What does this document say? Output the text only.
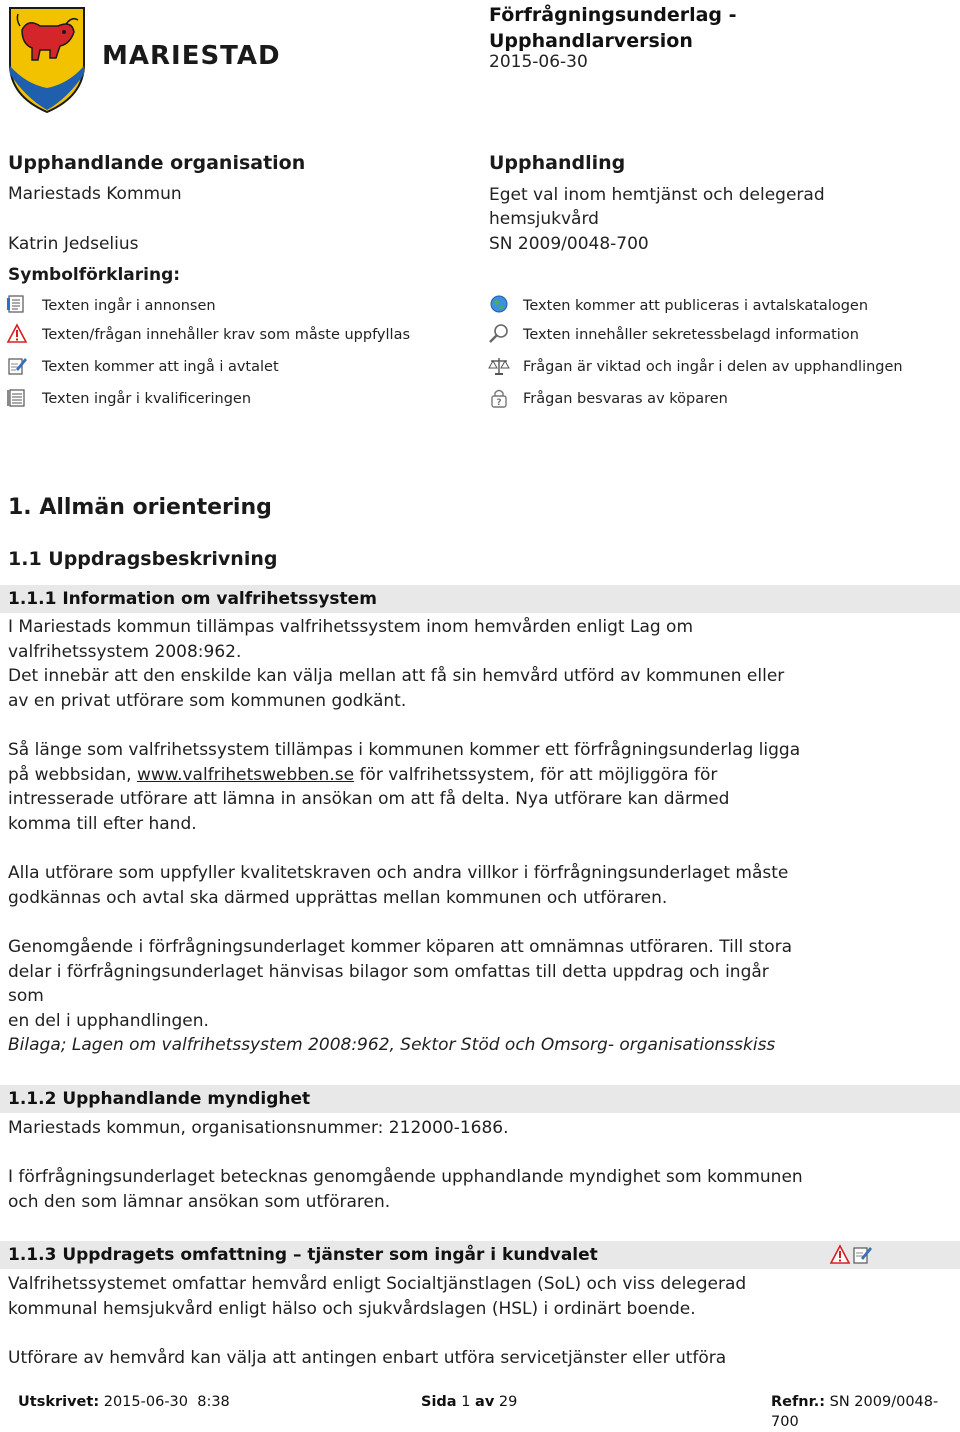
MARIESTAD
Förfrågningsunderlag -
Upphandlarversion
2015-06-30
Upphandlande organisation
Mariestads Kommun
Katrin Jedselius
Upphandling
Eget val inom hemtjänst och delegerad
hemsjukvård
SN 2009/0048-700
Symbolförklaring:
Texten ingår i annonsen	Texten kommer att publiceras i avtalskatalogen
Texten/frågan innehåller krav som måste uppfyllas	Texten innehåller sekretessbelagd information
Texten kommer att ingå i avtalet	Frågan är viktad och ingår i delen av upphandlingen
Texten ingår i kvalificeringen	? Frågan besvaras av köparen
1. Allmän orientering
1.1 Uppdragsbeskrivning
1.1.1 Information om valfrihetssystem
I Mariestads kommun tillämpas valfrihetssystem inom hemvården enligt Lag om
valfrihetssystem 2008:962.
Det innebär att den enskilde kan välja mellan att få sin hemvård utförd av kommunen eller
av en privat utförare som kommunen godkänt.
Så länge som valfrihetssystem tillämpas i kommunen kommer ett förfrågningsunderlag ligga
på webbsidan, www.valfrihetswebben.se för valfrihetssystem, för att möjliggöra för
intresserade utförare att lämna in ansökan om att få delta. Nya utförare kan därmed
komma till efter hand.
Alla utförare som uppfyller kvalitetskraven och andra villkor i förfrågningsunderlaget måste
godkännas och avtal ska därmed upprättas mellan kommunen och utföraren.
Genomgående i förfrågningsunderlaget kommer köparen att omnämnas utföraren. Till stora
delar i förfrågningsunderlaget hänvisas bilagor som omfattas till detta uppdrag och ingår som
en del i upphandlingen.
Bilaga; Lagen om valfrihetssystem 2008:962, Sektor Stöd och Omsorg- organisationsskiss
1.1.2 Upphandlande myndighet
Mariestads kommun, organisationsnummer: 212000-1686.
I förfrågningsunderlaget betecknas genomgående upphandlande myndighet som kommunen
och den som lämnar ansökan som utföraren.
1.1.3 Uppdragets omfattning – tjänster som ingår i kundvalet
Valfrihetssystemet omfattar hemvård enligt Socialtjänstlagen (SoL) och viss delegerad
kommunal hemsjukvård enligt hälso och sjukvårdslagen (HSL) i ordinärt boende.
Utförare av hemvård kan välja att antingen enbart utföra servicetjänster eller utföra
Utskrivet: 2015-06-30  8:38	Sida 1 av 29	Refnr.: SN 2009/0048-700
